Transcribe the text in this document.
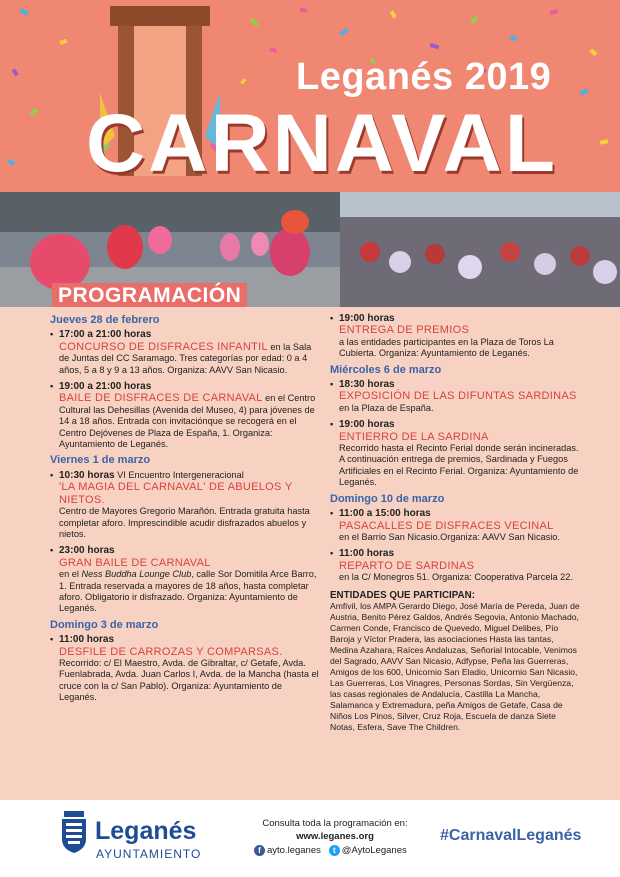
Leganés 2019
CARNAVAL
PROGRAMACIÓN
Jueves 28 de febrero
• 17:00 a 21:00 horas
CONCURSO DE DISFRACES INFANTIL en la Sala de Juntas del CC Saramago. Tres categorías por edad: 0 a 4 años, 5 a 8 y 9 a 13 años. Organiza: AAVV San Nicasio.
• 19:00 a 21:00 horas
BAILE DE DISFRACES DE CARNAVAL en el Centro Cultural las Dehesillas (Avenida del Museo, 4) para jóvenes de 14 a 18 años. Entrada con invitaciónque se recogerá en el Centro Dejóvenes de Plaza de España, 1. Organiza: Ayuntamiento de Leganés.
Viernes 1 de marzo
• 10:30 horas VI Encuentro Intergeneracional
'LA MAGIA DEL CARNAVAL' DE ABUELOS Y NIETOS.
Centro de Mayores Gregorio Marañón. Entrada gratuita hasta completar aforo. Imprescindible acudir disfrazados abuelos y nietos.
• 23:00 horas
GRAN BAILE DE CARNAVAL
en el Ness Buddha Lounge Club, calle Sor Domitila Arce Barro, 1. Entrada reservada a mayores de 18 años, hasta completar aforo. Obligatorio ir disfrazado. Organiza: Ayuntamiento de Leganés.
Domingo 3 de marzo
• 11:00 horas
DESFILE DE CARROZAS Y COMPARSAS. Recorrido: c/ El Maestro, Avda. de Gibraltar, c/ Getafe, Avda. Fuenlabrada, Avda. Juan Carlos I, Avda. de la Mancha (hasta el cruce con la c/ San Pablo). Organiza: Ayuntamiento de Leganés.
• 19:00 horas
ENTREGA DE PREMIOS
a las entidades participantes en la Plaza de Toros La Cubierta. Organiza: Ayuntamiento de Leganés.
Miércoles 6 de marzo
• 18:30 horas
EXPOSICIÓN DE LAS DIFUNTAS SARDINAS en la Plaza de España.
• 19:00 horas
ENTIERRO DE LA SARDINA
Recorrido hasta el Recinto Ferial donde serán incineradas. A continuación entrega de premios, Sardinada y Fuegos Artificiales en el Recinto Ferial. Organiza: Ayuntamiento de Leganés.
Domingo 10 de marzo
• 11:00 a 15:00 horas
PASACALLES DE DISFRACES VECINAL
en el Barrio San Nicasio.Organiza: AAVV San Nicasio.
• 11:00 horas
REPARTO DE SARDINAS
en la C/ Monegros 51. Organiza: Cooperativa Parcela 22.
ENTIDADES QUE PARTICIPAN:
Amfivil, los AMPA Gerardo Diego, José María de Pereda, Juan de Austria, Benito Pérez Galdos, Andrés Segovia, Antonio Machado, Carmen Conde, Francisco de Quevedo, Miguel Delibes, Pío Baroja y Víctor Pradera, las asociaciones Hasta las tantas, Medina Azahara, Raíces Andaluzas, Señorial Intocable, Venimos del Sagrado, AAVV San Nicasio, Adfypse, Peña las Guerreras, Amigos de los 600, Unicornio San Eladio, Unicornio San Nicasio, Las Guerreras, Los Vinagres, Personas Sordas, Sin Vergüenza, las casas regionales de Andalucía, Castilla La Mancha, Salamanca y Extremadura, peña Amigos de Getafe, Casa de Niños Los Pinos, Silver, Cruz Roja, Escuela de danza Siete Notas, Esfera, Save The Children.
Leganés
AYUNTAMIENTO
Consulta toda la programación en:
www.leganes.org
f ayto.leganes t @AytoLeganes
#CarnavalLeganés
